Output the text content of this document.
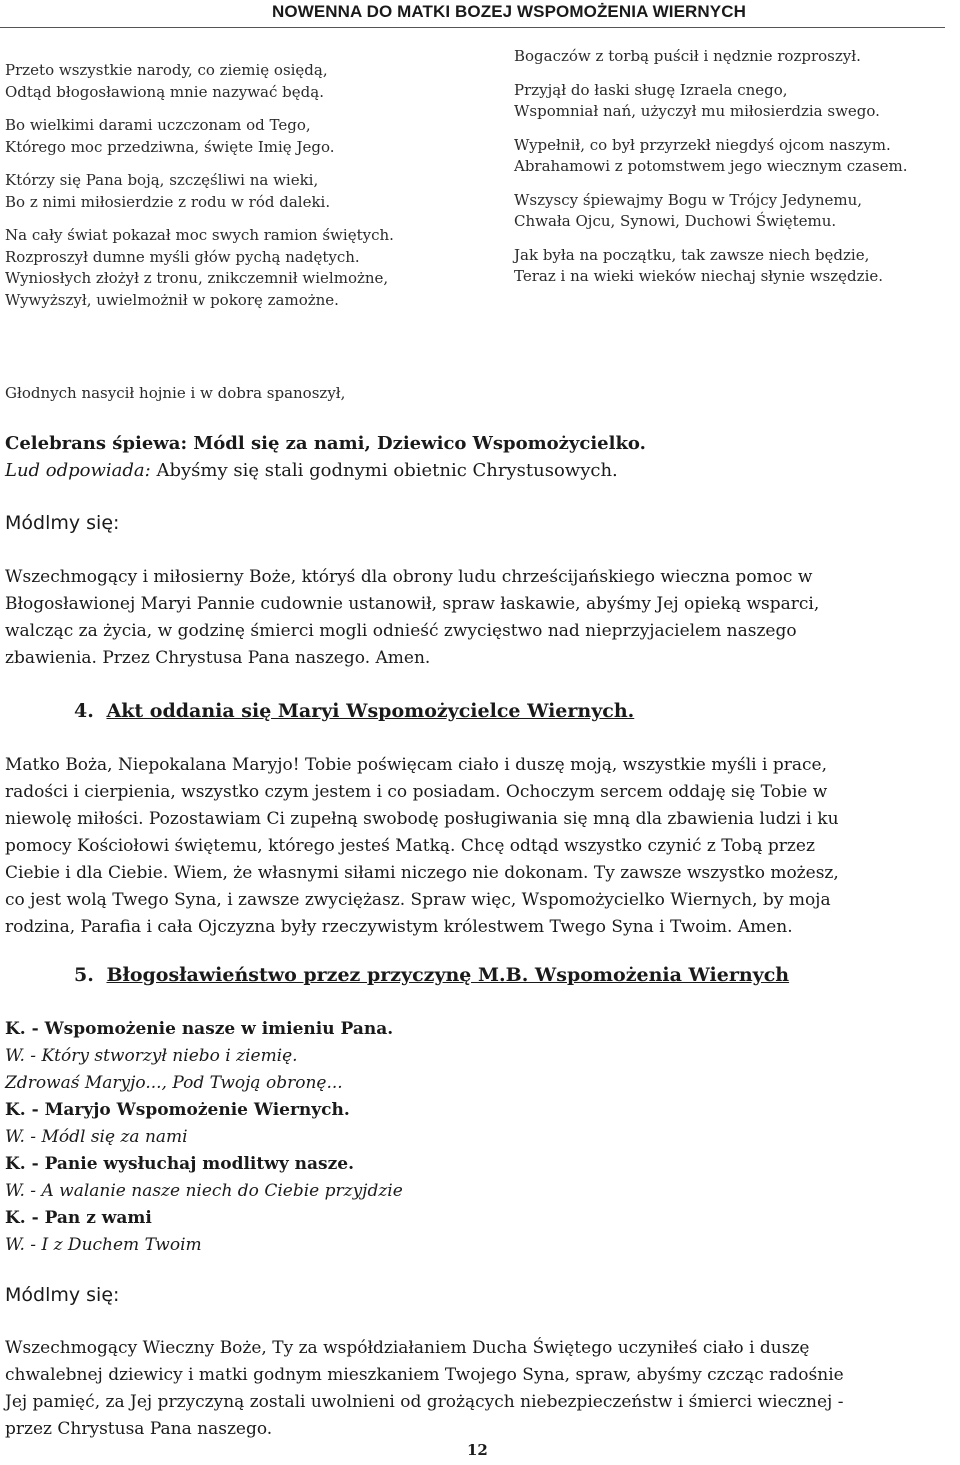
NOWENNA DO MATKI BOZEJ WSPOMOŻENIA WIERNYCH

Przeto wszystkie narody, co ziemię osiędą,
Odtąd błogosławioną mnie nazywać będą.

Bo wielkimi darami uczczonam od Tego,
Którego moc przedziwna, święte Imię Jego.

Którzy się Pana boją, szczęśliwi na wieki,
Bo z nimi miłosierdzie z rodu w ród daleki.

Na cały świat pokazał moc swych ramion świętych.
Rozproszył dumne myśli głów pychą nadętych.
Wyniosłych złożył z tronu, znikczemnił wielmożne,
Wywyższył, uwielmożnił w pokorę zamożne.

Bogaczów z torbą puścił i nędznie rozproszył.

Przyjął do łaski sługę Izraela cnego,
Wspomniał nań, użyczył mu miłosierdzia swego.

Wypełnił, co był przyrzekł niegdyś ojcom naszym.
Abrahamowi z potomstwem jego wiecznym czasem.

Wszyscy śpiewajmy Bogu w Trójcy Jedynemu,
Chwała Ojcu, Synowi, Duchowi Świętemu.

Jak była na początku, tak zawsze niech będzie,
Teraz i na wieki wieków niechaj słynie wszędzie.

Głodnych nasycił hojnie i w dobra spanoszył,
Celebrans śpiewa: Módl się za nami, Dziewico Wspomożycielko.
Lud odpowiada: Abyśmy się stali godnymi obietnic Chrystusowych.
Módlmy się:
Wszechmogący i miłosierny Boże, któryś dla obrony ludu chrześcijańskiego wieczna pomoc w
Błogosławionej Maryi Pannie cudownie ustanowił, spraw łaskawie, abyśmy Jej opieką wsparci,
walcząc za życia, w godzinę śmierci mogli odnieść zwycięstwo nad nieprzyjacielem naszego
zbawienia. Przez Chrystusa Pana naszego. Amen.
4. Akt oddania się Maryi Wspomożycielce Wiernych.
Matko Boża, Niepokalana Maryjo! Tobie poświęcam ciało i duszę moją, wszystkie myśli i prace,
radości i cierpienia, wszystko czym jestem i co posiadam. Ochoczym sercem oddaję się Tobie w
niewolę miłości. Pozostawiam Ci zupełną swobodę posługiwania się mną dla zbawienia ludzi i ku
pomocy Kościołowi świętemu, którego jesteś Matką. Chcę odtąd wszystko czynić z Tobą przez
Ciebie i dla Ciebie. Wiem, że własnymi siłami niczego nie dokonam. Ty zawsze wszystko możesz,
co jest wolą Twego Syna, i zawsze zwyciężasz. Spraw więc, Wspomożycielko Wiernych, by moja
rodzina, Parafia i cała Ojczyzna były rzeczywistym królestwem Twego Syna i Twoim. Amen.
5. Błogosławieństwo przez przyczynę M.B. Wspomożenia Wiernych
K. - Wspomożenie nasze w imieniu Pana.
W. - Który stworzył niebo i ziemię.
Zdrowaś Maryjo..., Pod Twoją obronę...
K. - Maryjo Wspomożenie Wiernych.
W. - Módl się za nami
K. - Panie wysłuchaj modlitwy nasze.
W. - A walanie nasze niech do Ciebie przyjdzie
K. - Pan z wami
W. - I z Duchem Twoim
Módlmy się:
Wszechmogący Wieczny Boże, Ty za współdziałaniem Ducha Świętego uczyniłeś ciało i duszę
chwalebnej dziewicy i matki godnym mieszkaniem Twojego Syna, spraw, abyśmy czcząc radośnie
Jej pamięć, za Jej przyczyną zostali uwolnieni od grożących niebezpieczeństw i śmierci wiecznej -
przez Chrystusa Pana naszego.
12
